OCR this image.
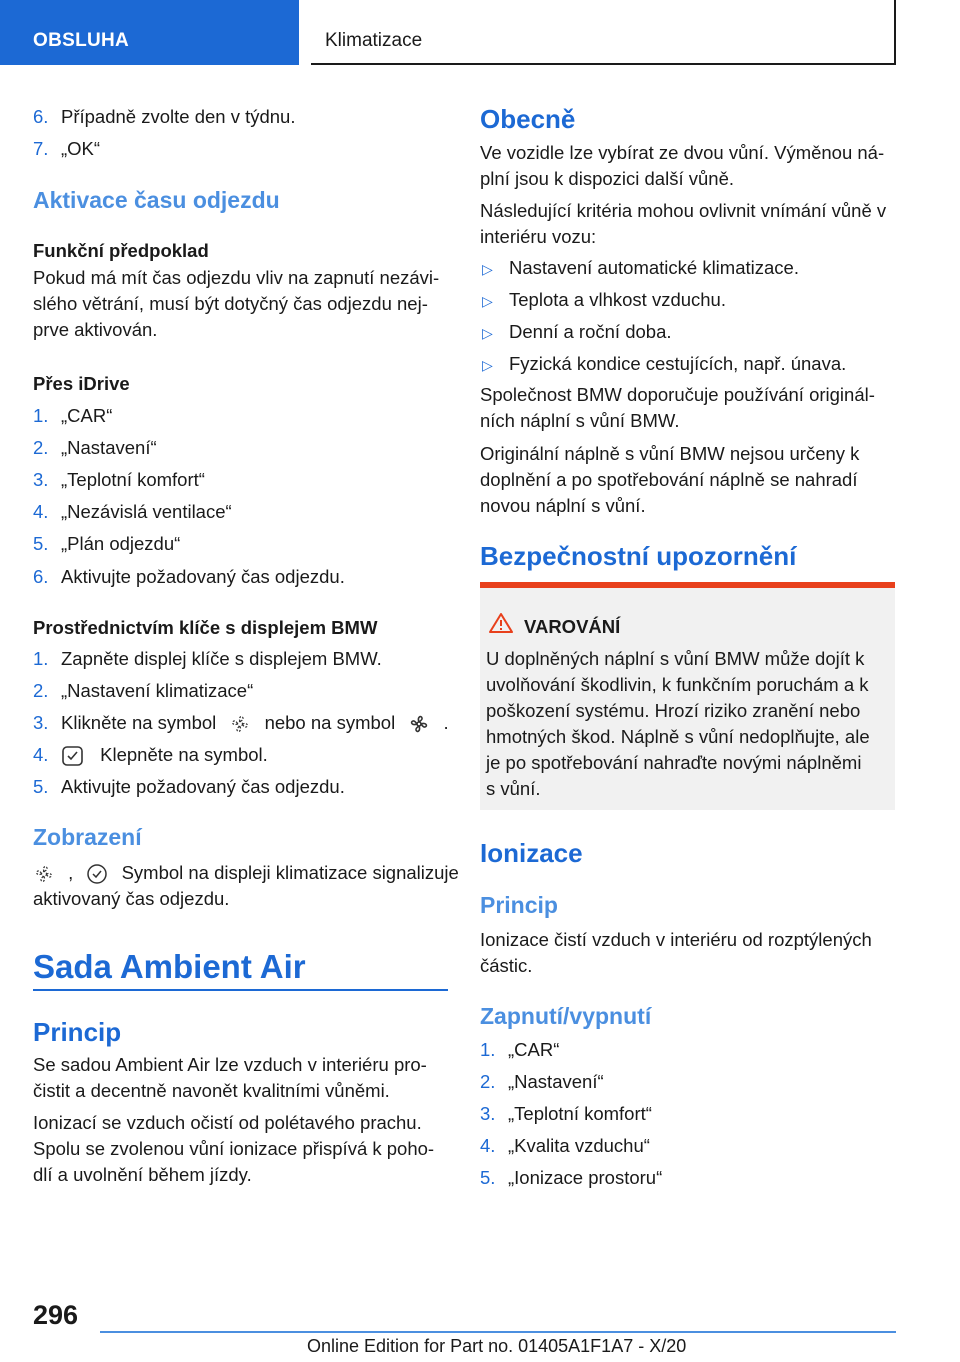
OBSLUHA	Klimatizace
6. Případně zvolte den v týdnu.
7. „OK“
Aktivace času odjezdu
Funkční předpoklad
Pokud má mít čas odjezdu vliv na zapnutí nezávi-
slého větrání, musí být dotyčný čas odjezdu nej-
prve aktivován.
Přes iDrive
1. „CAR“
2. „Nastavení“
3. „Teplotní komfort“
4. „Nezávislá ventilace“
5. „Plán odjezdu“
6. Aktivujte požadovaný čas odjezdu.
Prostřednictvím klíče s displejem BMW
1. Zapněte displej klíče s displejem BMW.
2. „Nastavení klimatizace“
3. Klikněte na symbol	nebo na symbol	.
4.	Klepněte na symbol.
5. Aktivujte požadovaný čas odjezdu.
Zobrazení
,	Symbol na displeji klimatizace signalizuje
aktivovaný čas odjezdu.
Sada Ambient Air
Princip
Se sadou Ambient Air lze vzduch v interiéru pro-
čistit a decentně navonět kvalitními vůněmi.
Ionizací se vzduch očistí od polétavého prachu.
Spolu se zvolenou vůní ionizace přispívá k poho-
dlí a uvolnění během jízdy.
Obecně
Ve vozidle lze vybírat ze dvou vůní. Výměnou ná-
plní jsou k dispozici další vůně.
Následující kritéria mohou ovlivnit vnímání vůně v
interiéru vozu:
▷ Nastavení automatické klimatizace.
▷ Teplota a vlhkost vzduchu.
▷ Denní a roční doba.
▷ Fyzická kondice cestujících, např. únava.
Společnost BMW doporučuje používání originál-
ních náplní s vůní BMW.
Originální náplně s vůní BMW nejsou určeny k
doplnění a po spotřebování náplně se nahradí
novou náplní s vůní.
Bezpečnostní upozornění
VAROVÁNÍ
U doplněných náplní s vůní BMW může dojít k
uvolňování škodlivin, k funkčním poruchám a k
poškození systému. Hrozí riziko zranění nebo
hmotných škod. Náplně s vůní nedoplňujte, ale
je po spotřebování nahraďte novými náplněmi
s vůní.
Ionizace
Princip
Ionizace čistí vzduch v interiéru od rozptýlených
částic.
Zapnutí/vypnutí
1. „CAR“
2. „Nastavení“
3. „Teplotní komfort“
4. „Kvalita vzduchu“
5. „Ionizace prostoru“
296
Online Edition for Part no. 01405A1F1A7 - X/20
